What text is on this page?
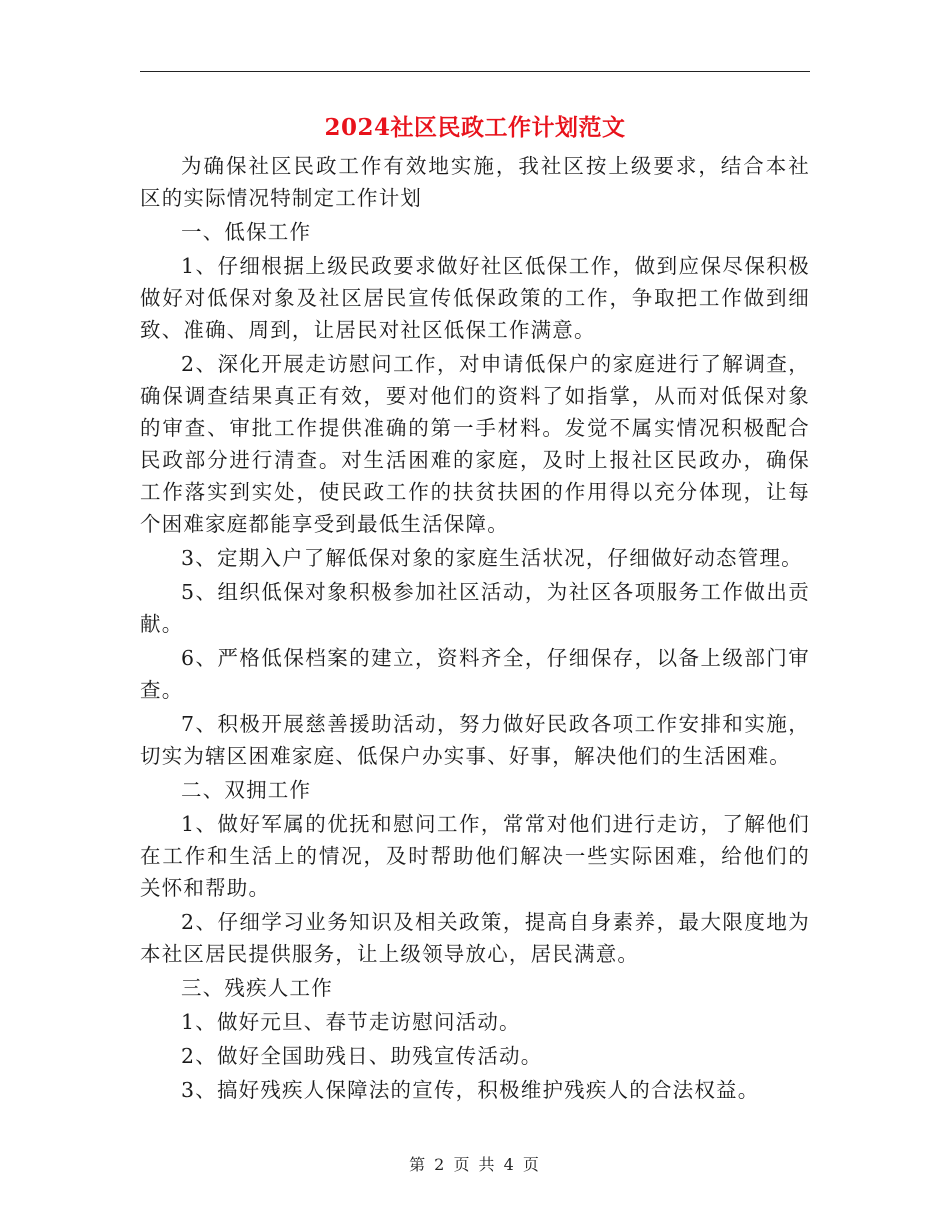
2024社区民政工作计划范文

为确保社区民政工作有效地实施，我社区按上级要求，结合本社区的实际情况特制定工作计划

一、低保工作

1、仔细根据上级民政要求做好社区低保工作，做到应保尽保积极做好对低保对象及社区居民宣传低保政策的工作，争取把工作做到细致、准确、周到，让居民对社区低保工作满意。

2、深化开展走访慰问工作，对申请低保户的家庭进行了解调查，确保调查结果真正有效，要对他们的资料了如指掌，从而对低保对象的审查、审批工作提供准确的第一手材料。发觉不属实情况积极配合民政部分进行清查。对生活困难的家庭，及时上报社区民政办，确保工作落实到实处，使民政工作的扶贫扶困的作用得以充分体现，让每个困难家庭都能享受到最低生活保障。

3、定期入户了解低保对象的家庭生活状况，仔细做好动态管理。

5、组织低保对象积极参加社区活动，为社区各项服务工作做出贡献。

6、严格低保档案的建立，资料齐全，仔细保存，以备上级部门审查。

7、积极开展慈善援助活动，努力做好民政各项工作安排和实施，切实为辖区困难家庭、低保户办实事、好事，解决他们的生活困难。

二、双拥工作

1、做好军属的优抚和慰问工作，常常对他们进行走访，了解他们在工作和生活上的情况，及时帮助他们解决一些实际困难，给他们的关怀和帮助。

2、仔细学习业务知识及相关政策，提高自身素养，最大限度地为本社区居民提供服务，让上级领导放心，居民满意。

三、残疾人工作

1、做好元旦、春节走访慰问活动。

2、做好全国助残日、助残宣传活动。

3、搞好残疾人保障法的宣传，积极维护残疾人的合法权益。

第 2 页 共 4 页
